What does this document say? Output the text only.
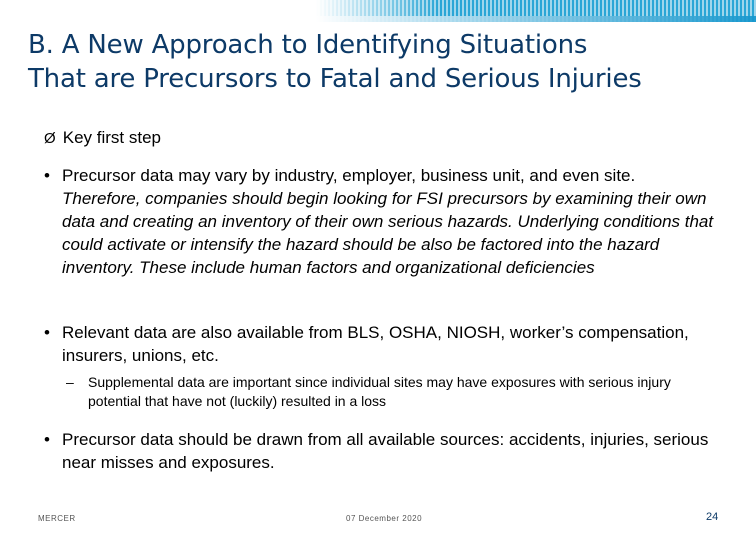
B. A New Approach to Identifying Situations
That are Precursors to Fatal and Serious Injuries
Ø Key first step
• Precursor data may vary by industry, employer, business unit, and even site. Therefore, companies should begin looking for FSI precursors by examining their own data and creating an inventory of their own serious hazards. Underlying conditions that could activate or intensify the hazard should be also be factored into the hazard inventory. These include human factors and organizational deficiencies
• Relevant data are also available from BLS, OSHA, NIOSH, worker’s compensation, insurers, unions, etc.
– Supplemental data are important since individual sites may have exposures with serious injury potential that have not (luckily) resulted in a loss
• Precursor data should be drawn from all available sources: accidents, injuries, serious near misses and exposures.
MERCER	07 December 2020	24
